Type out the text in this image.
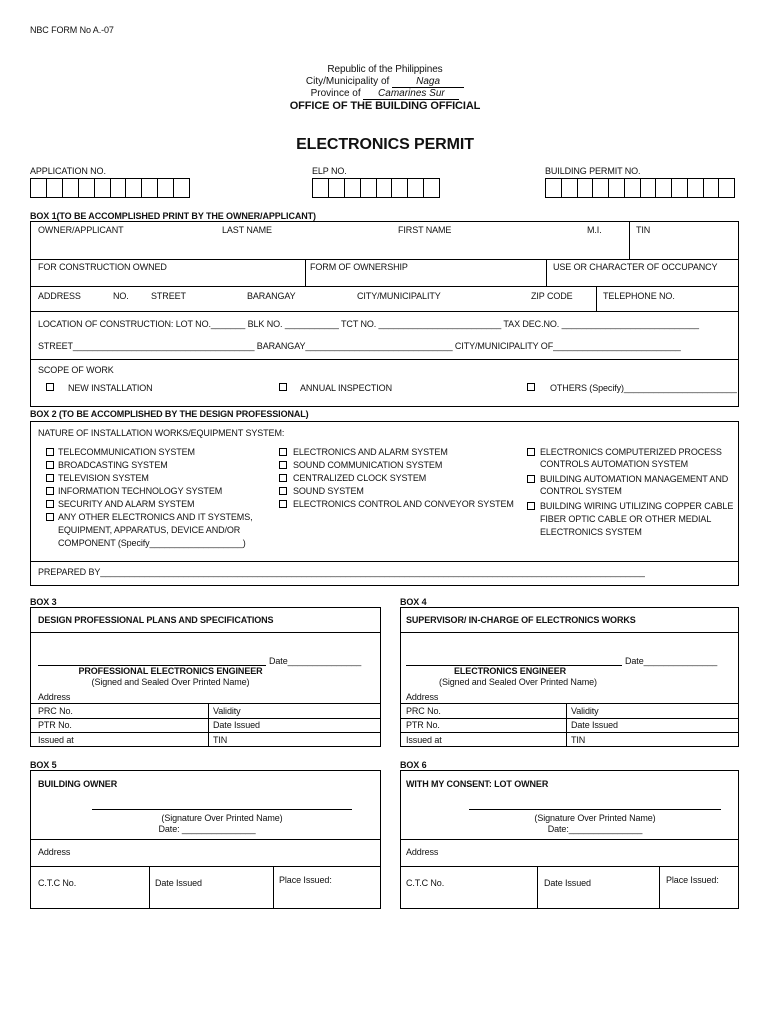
NBC FORM No A.-07
Republic of the Philippines
City/Municipality of	Naga
Province of Camarines Sur
OFFICE OF THE BUILDING OFFICIAL
ELECTRONICS PERMIT
APPLICATION NO.	ELP NO.	BUILDING PERMIT NO.
BOX 1(TO BE ACCOMPLISHED PRINT BY THE OWNER/APPLICANT)
OWNER/APPLICANT	LAST NAME	FIRST NAME	M.I.	TIN
FOR CONSTRUCTION OWNED	FORM OF OWNERSHIP	USE OR CHARACTER OF OCCUPANCY
ADDRESS	NO. STREET	BARANGAY	CITY/MUNICIPALITY	ZIP CODE	TELEPHONE NO.
LOCATION OF CONSTRUCTION: LOT NO._______ BLK NO. ___________ TCT NO. _________________________ TAX DEC.NO. ____________________________
STREET_____________________________________ BARANGAY______________________________ CITY/MUNICIPALITY OF__________________________
SCOPE OF WORK
NEW INSTALLATION	ANNUAL INSPECTION	OTHERS (Specify)_______________________
BOX 2 (TO BE ACCOMPLISHED BY THE DESIGN PROFESSIONAL)
NATURE OF INSTALLATION WORKS/EQUIPMENT SYSTEM:
TELECOMMUNICATION SYSTEM
BROADCASTING SYSTEM
TELEVISION SYSTEM
INFORMATION TECHNOLOGY SYSTEM
SECURITY AND ALARM SYSTEM
ANY OTHER ELECTRONICS AND IT SYSTEMS,
EQUIPMENT, APPARATUS, DEVICE AND/OR
COMPONENT (Specify___________________)
ELECTRONICS AND ALARM SYSTEM
SOUND COMMUNICATION SYSTEM
CENTRALIZED CLOCK SYSTEM
SOUND SYSTEM
ELECTRONICS CONTROL AND CONVEYOR SYSTEM
ELECTRONICS COMPUTERIZED PROCESS
CONTROLS AUTOMATION SYSTEM
BUILDING AUTOMATION MANAGEMENT AND
CONTROL SYSTEM
BUILDING WIRING UTILIZING COPPER CABLE
FIBER OPTIC CABLE OR OTHER MEDIAL
ELECTRONICS SYSTEM
PREPARED BY_______________________________________________________________________________________________________________
BOX 3
DESIGN PROFESSIONAL PLANS AND SPECIFICATIONS
Date_______________
PROFESSIONAL ELECTRONICS ENGINEER
(Signed and Sealed Over Printed Name)
Address
PRC No.	Validity
PTR No.	Date Issued
Issued at	TIN
BOX 4
SUPERVISOR/ IN-CHARGE OF ELECTRONICS WORKS
Date_______________
ELECTRONICS ENGINEER
(Signed and Sealed Over Printed Name)
Address
PRC No.	Validity
PTR No.	Date Issued
Issued at	TIN
BOX 5
BUILDING OWNER
(Signature Over Printed Name)
Date: _______________
Address
C.T.C No.	Date Issued	Place Issued:
BOX 6
WITH MY CONSENT: LOT OWNER
(Signature Over Printed Name)
Date:_______________
Address
C.T.C No.	Date Issued	Place Issued:
